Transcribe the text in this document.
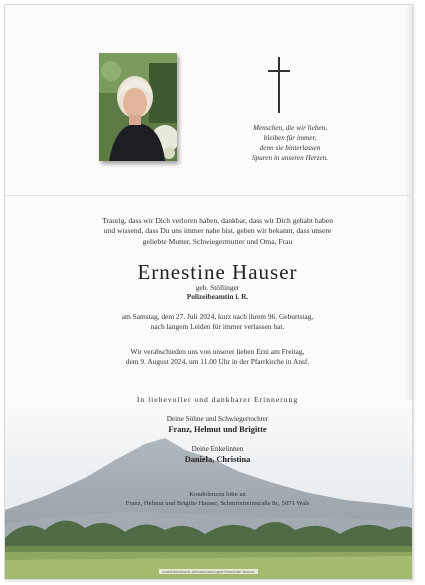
Menschen, die wir lieben,
bleiben für immer,
denn sie hinterlassen
Spuren in unseren Herzen.
Traurig, dass wir Dich verloren haben, dankbar, dass wir Dich gehabt haben
und wissend, dass Du uns immer nahe bist, geben wir bekannt, dass unsere
geliebte Mutter, Schwiegermutter und Oma, Frau
Ernestine Hauser
geb. Stöllinger
Polizeibeamtin i. R.
am Samstag, dem 27. Juli 2024, kurz nach ihrem 96. Geburtstag,
nach langem Leiden für immer verlassen hat.
Wir verabschieden uns von unserer lieben Erni am Freitag,
dem 9. August 2024, um 11.00 Uhr in der Pfarrkirche in Ansf.
In liebevoller und dankbarer Erinnerung
Deine Söhne und Schwiegertochter
Franz, Helmut und Brigitte
Deine Enkelinnen
Daniela, Christina
Kondolenzen bitte an
Franz, Helmut und Brigitte Hauser, Schmirntreinstraße 8c, 5071 Wals
kondolenzbuch.at/traueranzeigen/ernestine-hauser
